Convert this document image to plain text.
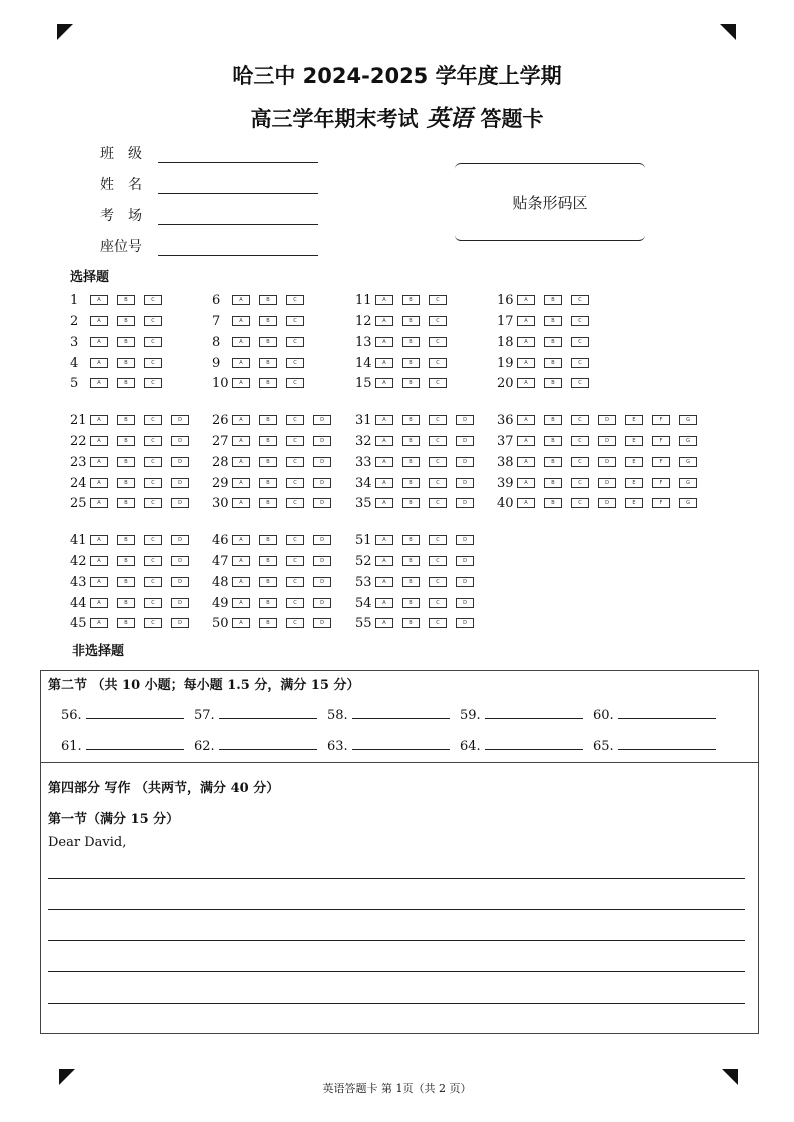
哈三中 2024-2025 学年度上学期
高三学年期末考试 英语 答题卡
班　级
姓　名
考　场
座位号
贴条形码区
选择题
1	A	B	C
2	A	B	C
3	A	B	C
4	A	B	C
5	A	B	C
6	A	B	C
7	A	B	C
8	A	B	C
9	A	B	C
10	A	B	C
11	A	B	C
12	A	B	C
13	A	B	C
14	A	B	C
15	A	B	C
16	A	B	C
17	A	B	C
18	A	B	C
19	A	B	C
20	A	B	C
21	A	B	C	D
22	A	B	C	D
23	A	B	C	D
24	A	B	C	D
25	A	B	C	D
26	A	B	C	D
27	A	B	C	D
28	A	B	C	D
29	A	B	C	D
30	A	B	C	D
31	A	B	C	D
32	A	B	C	D
33	A	B	C	D
34	A	B	C	D
35	A	B	C	D
36	A	B	C	D	E	F	G
37	A	B	C	D	E	F	G
38	A	B	C	D	E	F	G
39	A	B	C	D	E	F	G
40	A	B	C	D	E	F	G
41	A	B	C	D
42	A	B	C	D
43	A	B	C	D
44	A	B	C	D
45	A	B	C	D
46	A	B	C	D
47	A	B	C	D
48	A	B	C	D
49	A	B	C	D
50	A	B	C	D
51	A	B	C	D
52	A	B	C	D
53	A	B	C	D
54	A	B	C	D
55	A	B	C	D
非选择题
第二节 （共 10 小题；每小题 1.5 分，满分 15 分）
56.	57.	58.	59.	60.
61.	62.	63.	64.	65.
第四部分 写作 （共两节，满分 40 分）
第一节（满分 15 分）
Dear David,
英语答题卡 第 1页（共 2 页）
